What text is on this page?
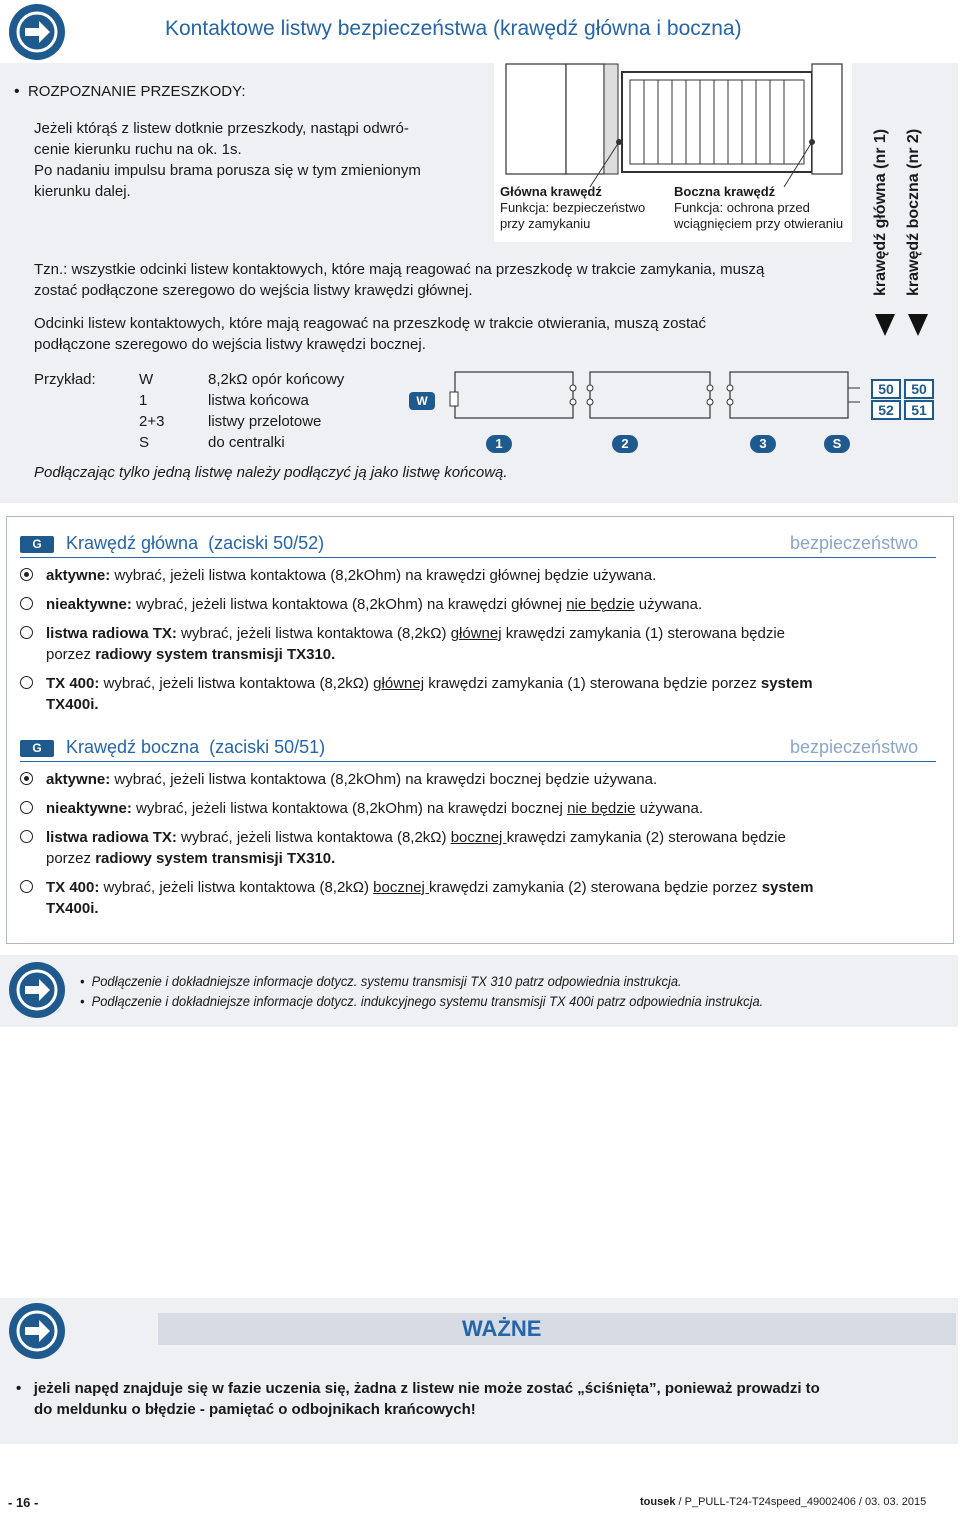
Kontaktowe listwy bezpieczeństwa (krawędź główna i boczna)
• ROZPOZNANIE PRZESZKODY:
Jeżeli którąś z listew dotknie przeszkody, nastąpi odwró-
cenie kierunku ruchu na ok. 1s.
Po nadaniu impulsu brama porusza się w tym zmienionym
kierunku dalej.	Główna krawędź
Funkcja: bezpieczeństwo
przy zamykaniu
Boczna krawędź
Funkcja: ochrona przed
wciągnięciem przy otwieraniu krawędź główna (nr 1) krawędź boczna (nr 2)
Tzn.: wszystkie odcinki listew kontaktowych, które mają reagować na przeszkodę w trakcie zamykania, muszą
zostać podłączone szeregowo do wejścia listwy krawędzi głównej.
Odcinki listew kontaktowych, które mają reagować na przeszkodę w trakcie otwierania, muszą zostać
podłączone szeregowo do wejścia listwy krawędzi bocznej.
Przykład:	W	8,2kΩ opór końcowy
1	listwa końcowa
2+3	listwy przelotowe
S	do centralki
W
1	2	3	S
50	50
52	51
Podłączając tylko jedną listwę należy podłączyć ją jako listwę końcową.
G	Krawędź główna (zaciski 50/52)	bezpieczeństwo
aktywne: wybrać, jeżeli listwa kontaktowa (8,2kOhm) na krawędzi głównej będzie używana.
nieaktywne: wybrać, jeżeli listwa kontaktowa (8,2kOhm) na krawędzi głównej nie będzie używana.
listwa radiowa TX: wybrać, jeżeli listwa kontaktowa (8,2kΩ) głównej krawędzi zamykania (1) sterowana będzie
porzez radiowy system transmisji TX310.
TX 400: wybrać, jeżeli listwa kontaktowa (8,2kΩ) głównej krawędzi zamykania (1) sterowana będzie porzez system
TX400i.
G	Krawędź boczna (zaciski 50/51)	bezpieczeństwo
aktywne: wybrać, jeżeli listwa kontaktowa (8,2kOhm) na krawędzi bocznej będzie używana.
nieaktywne: wybrać, jeżeli listwa kontaktowa (8,2kOhm) na krawędzi bocznej nie będzie używana.
listwa radiowa TX: wybrać, jeżeli listwa kontaktowa (8,2kΩ) bocznej krawędzi zamykania (2) sterowana będzie
porzez radiowy system transmisji TX310.
TX 400: wybrać, jeżeli listwa kontaktowa (8,2kΩ) bocznej krawędzi zamykania (2) sterowana będzie porzez system
TX400i.
•  Podłączenie i dokładniejsze informacje dotycz. systemu transmisji TX 310 patrz odpowiednia instrukcja.
•  Podłączenie i dokładniejsze informacje dotycz. indukcyjnego systemu transmisji TX 400i patrz odpowiednia instrukcja.
WAŻNE
•   jeżeli napęd znajduje się w fazie uczenia się, żadna z listew nie może zostać „ściśnięta”, ponieważ prowadzi to
do meldunku o błędzie - pamiętać o odbojnikach krańcowych!
- 16 -	tousek / P_PULL-T24-T24speed_49002406 / 03. 03. 2015
